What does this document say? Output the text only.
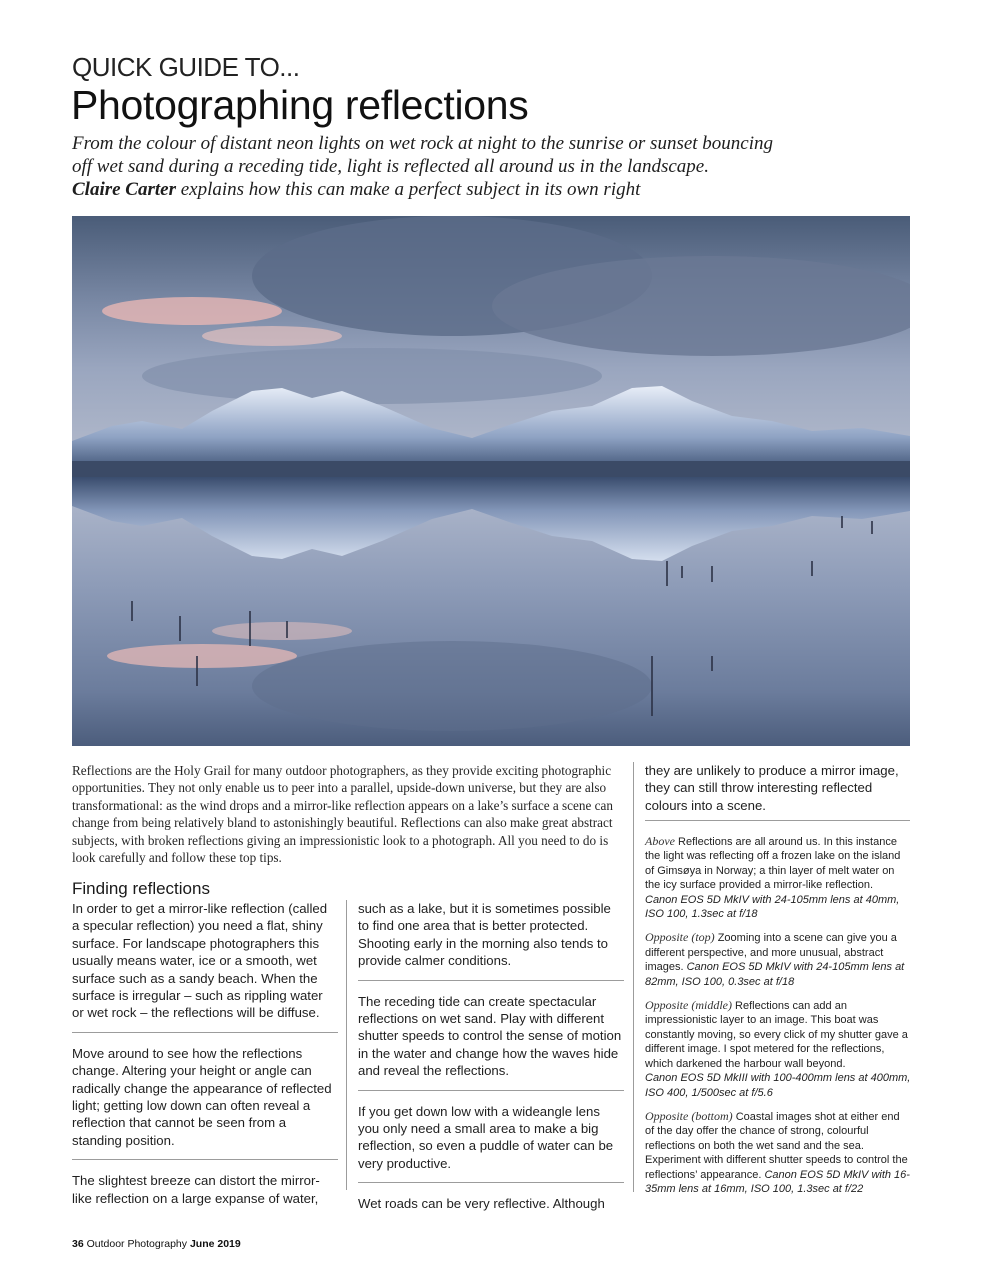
QUICK GUIDE TO...
Photographing reflections
From the colour of distant neon lights on wet rock at night to the sunrise or sunset bouncing
off wet sand during a receding tide, light is reflected all around us in the landscape.
Claire Carter explains how this can make a perfect subject in its own right

Reflections are the Holy Grail for many outdoor photographers, as they provide exciting photographic opportunities. They not only enable us to peer into a parallel, upside-down universe, but they are also transformational: as the wind drops and a mirror-like reflection appears on a lake’s surface a scene can change from being relatively bland to astonishingly beautiful. Reflections can also make great abstract subjects, with broken reflections giving an impressionistic look to a photograph. All you need to do is look carefully and follow these top tips.

Finding reflections

In order to get a mirror-like reflection (called a specular reflection) you need a flat, shiny surface. For landscape photographers this usually means water, ice or a smooth, wet surface such as a sandy beach. When the surface is irregular – such as rippling water or wet rock – the reflections will be diffuse.

Move around to see how the reflections change. Altering your height or angle can radically change the appearance of reflected light; getting low down can often reveal a reflection that cannot be seen from a standing position.

The slightest breeze can distort the mirror-like reflection on a large expanse of water,

such as a lake, but it is sometimes possible to find one area that is better protected. Shooting early in the morning also tends to provide calmer conditions.

The receding tide can create spectacular reflections on wet sand. Play with different shutter speeds to control the sense of motion in the water and change how the waves hide and reveal the reflections.

If you get down low with a wideangle lens you only need a small area to make a big reflection, so even a puddle of water can be very productive.

Wet roads can be very reflective. Although

they are unlikely to produce a mirror image, they can still throw interesting reflected colours into a scene.

Above Reflections are all around us. In this instance the light was reflecting off a frozen lake on the island of Gimsøya in Norway; a thin layer of melt water on the icy surface provided a mirror-like reflection.
Canon EOS 5D MkIV with 24-105mm lens at 40mm, ISO 100, 1.3sec at f/18

Opposite (top) Zooming into a scene can give you a different perspective, and more unusual, abstract images. Canon EOS 5D MkIV with 24-105mm lens at 82mm, ISO 100, 0.3sec at f/18

Opposite (middle) Reflections can add an impressionistic layer to an image. This boat was constantly moving, so every click of my shutter gave a different image. I spot metered for the reflections, which darkened the harbour wall beyond.
Canon EOS 5D MkIII with 100-400mm lens at 400mm, ISO 400, 1/500sec at f/5.6

Opposite (bottom) Coastal images shot at either end of the day offer the chance of strong, colourful reflections on both the wet sand and the sea. Experiment with different shutter speeds to control the reflections’ appearance. Canon EOS 5D MkIV with 16-35mm lens at 16mm, ISO 100, 1.3sec at f/22

36 Outdoor Photography June 2019
